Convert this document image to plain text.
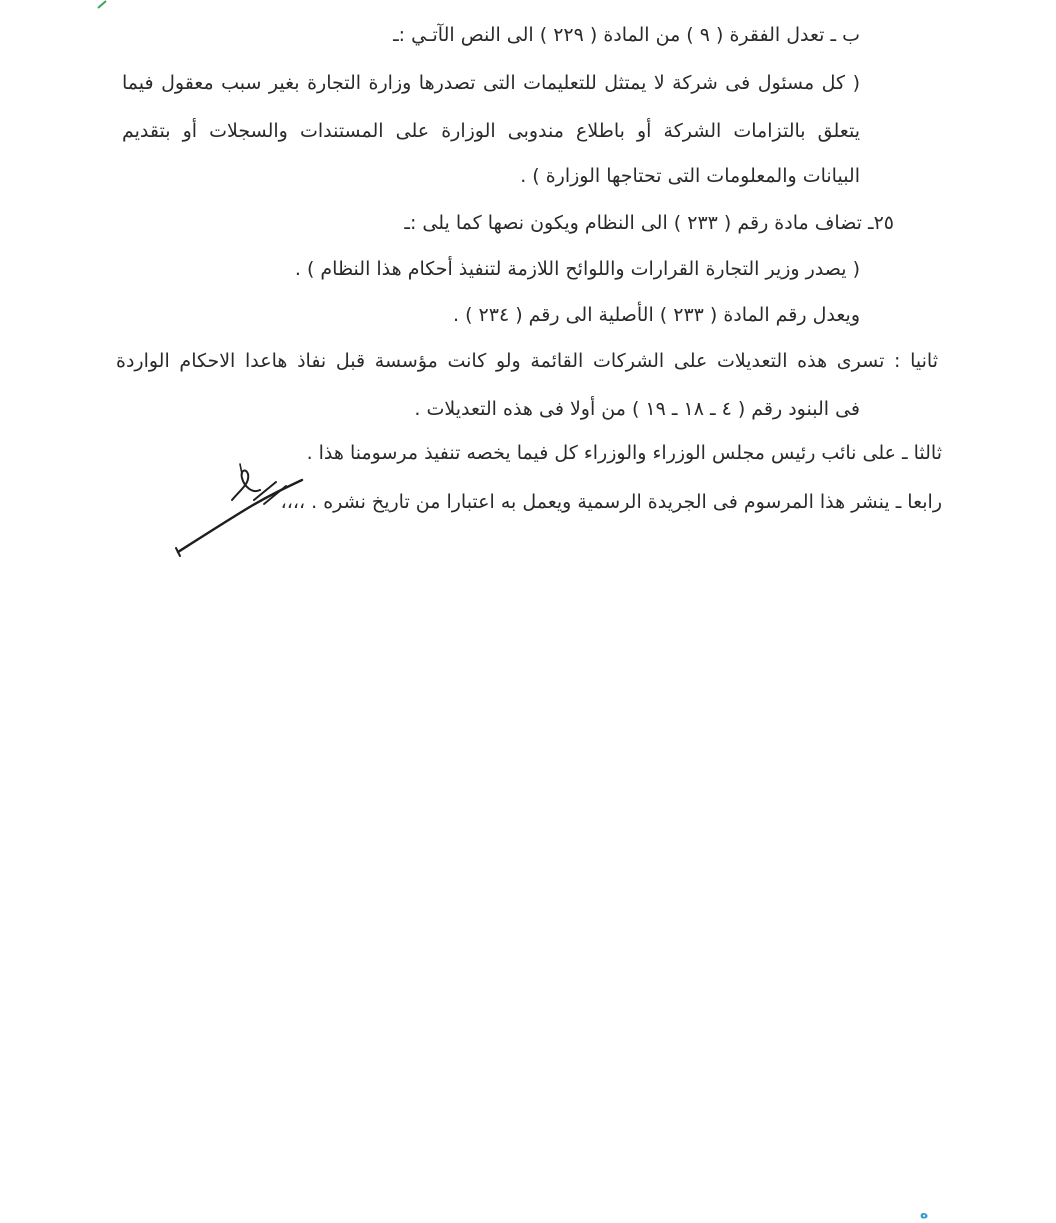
ب ـ تعدل الفقرة ( ٩ ) من المادة ( ٢٢٩ ) الى النص الآتـي :ـ
( كل مسئول فى شركة لا يمتثل للتعليمات التى تصدرها وزارة التجارة بغير سبب معقول فيما
يتعلق بالتزامات الشركة أو باطلاع مندوبى الوزارة على المستندات والسجلات أو بتقديم
البيانات والمعلومات التى تحتاجها الوزارة ) .
٢٥ـ تضاف مادة رقم ( ٢٣٣ ) الى النظام ويكون نصها كما يلى :ـ
( يصدر وزير التجارة القرارات واللوائح اللازمة لتنفيذ أحكام هذا النظام ) .
ويعدل رقم المادة ( ٢٣٣ ) الأصلية الى رقم ( ٢٣٤ ) .
ثانيا : تسرى هذه التعديلات على الشركات القائمة ولو كانت مؤسسة قبل نفاذ هاعدا الاحكام الواردة
فى البنود رقم ( ٤ ـ ١٨ ـ ١٩ ) من أولا فى هذه التعديلات .
ثالثا ـ على نائب رئيس مجلس الوزراء والوزراء كل فيما يخصه تنفيذ مرسومنا هذا .
رابعا ـ ينشر هذا المرسوم فى الجريدة الرسمية ويعمل به اعتبارا من تاريخ نشره . ،،،،
ه
